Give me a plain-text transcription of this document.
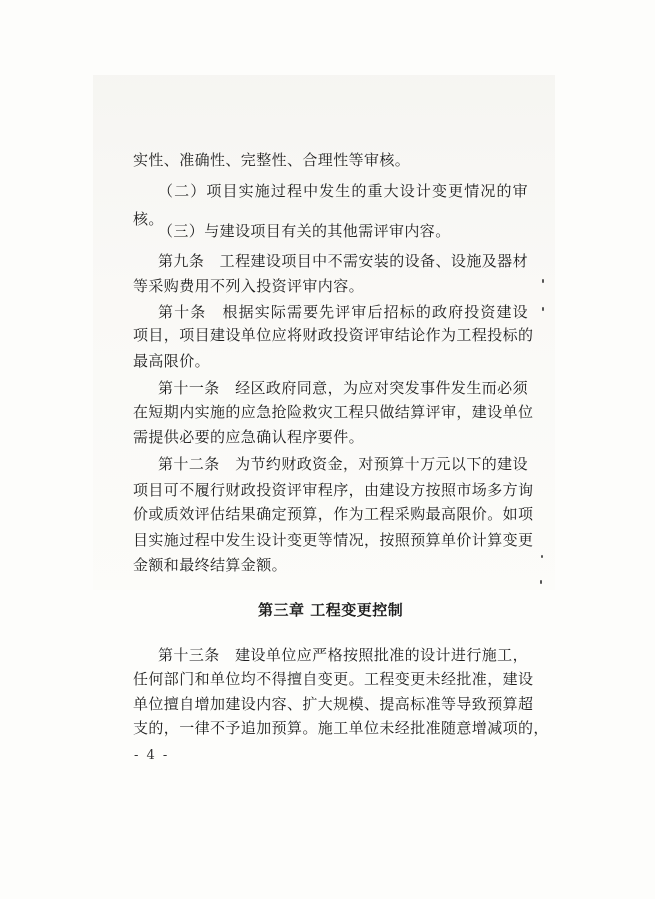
实性、准确性、完整性、合理性等审核。

（二）项目实施过程中发生的重大设计变更情况的审

核。

（三）与建设项目有关的其他需评审内容。

第九条　工程建设项目中不需安装的设备、设施及器材

等采购费用不列入投资评审内容。

第十条　根据实际需要先评审后招标的政府投资建设

项目，项目建设单位应将财政投资评审结论作为工程投标的

最高限价。

第十一条　经区政府同意，为应对突发事件发生而必须

在短期内实施的应急抢险救灾工程只做结算评审，建设单位

需提供必要的应急确认程序要件。

第十二条　为节约财政资金，对预算十万元以下的建设

项目可不履行财政投资评审程序，由建设方按照市场多方询

价或质效评估结果确定预算，作为工程采购最高限价。如项

目实施过程中发生设计变更等情况，按照预算单价计算变更

金额和最终结算金额。

第三章 工程变更控制

第十三条　建设单位应严格按照批准的设计进行施工，

任何部门和单位均不得擅自变更。工程变更未经批准，建设

单位擅自增加建设内容、扩大规模、提高标准等导致预算超

支的，一律不予追加预算。施工单位未经批准随意增减项的，

- 4 -
